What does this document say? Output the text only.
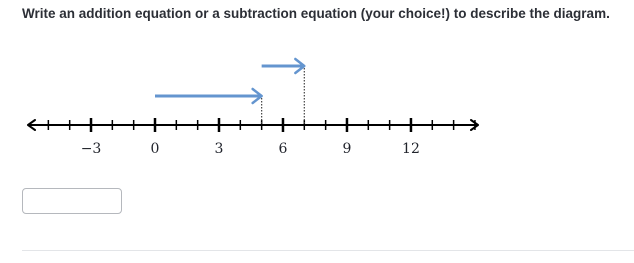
Write an addition equation or a subtraction equation (your choice!) to describe the diagram.
−3	0	3	6	9	12
